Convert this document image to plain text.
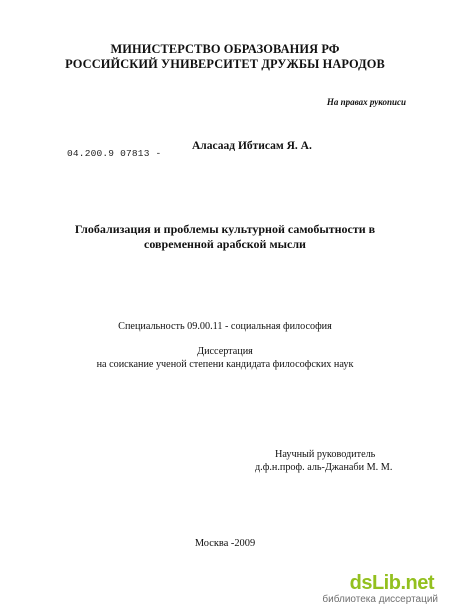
МИНИСТЕРСТВО ОБРАЗОВАНИЯ РФ
РОССИЙСКИЙ УНИВЕРСИТЕТ ДРУЖБЫ НАРОДОВ
На правах рукописи
04.200.9 07813 -
Аласаад Ибтисам Я. А.
Глобализация и проблемы культурной самобытности в
современной арабской мысли
Специальность 09.00.11 - социальная философия
Диссертация
на соискание ученой степени кандидата философских наук
Научный руководитель
д.ф.н.проф. аль-Джанаби М. М.
Москва -2009
dsLib.net
библиотека диссертаций
